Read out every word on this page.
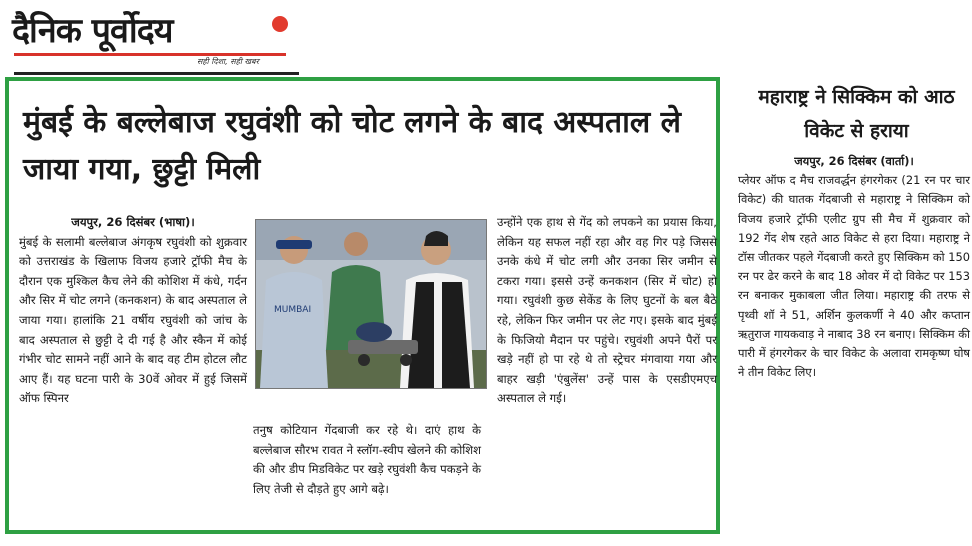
दैनिक पूर्वोदय
सही दिशा, सही खबर
मुंबई के बल्लेबाज रघुवंशी को चोट लगने के बाद अस्पताल ले जाया गया, छुट्टी मिली

जयपुर, 26 दिसंबर (भाषा)।
मुंबई के सलामी बल्लेबाज अंगकृष रघुवंशी को शुक्रवार को उत्तराखंड के खिलाफ विजय हजारे ट्रॉफी मैच के दौरान एक मुश्किल कैच लेने की कोशिश में कंधे, गर्दन और सिर में चोट लगने (कनकशन) के बाद अस्पताल ले जाया गया। हालांकि 21 वर्षीय रघुवंशी को जांच के बाद अस्पताल से छुट्टी दे दी गई है और स्कैन में कोई गंभीर चोट सामने नहीं आने के बाद वह टीम होटल लौट आए हैं। यह घटना पारी के 30वें ओवर में हुई जिसमें ऑफ स्पिनर

MUMBAI

तनुष कोटियान गेंदबाजी कर रहे थे। दाएं हाथ के बल्लेबाज सौरभ रावत ने स्लॉग-स्वीप खेलने की कोशिश की और डीप मिडविकेट पर खड़े रघुवंशी कैच पकड़ने के लिए तेजी से दौड़ते हुए आगे बढ़े।

उन्होंने एक हाथ से गेंद को लपकने का प्रयास किया, लेकिन यह सफल नहीं रहा और वह गिर पड़े जिससे उनके कंधे में चोट लगी और उनका सिर जमीन से टकरा गया। इससे उन्हें कनकशन (सिर में चोट) हो गया। रघुवंशी कुछ सेकेंड के लिए घुटनों के बल बैठे रहे, लेकिन फिर जमीन पर लेट गए। इसके बाद मुंबई के फिजियो मैदान पर पहुंचे। रघुवंशी अपने पैरों पर खड़े नहीं हो पा रहे थे तो स्ट्रेचर मंगवाया गया और बाहर खड़ी 'एंबुलेंस' उन्हें पास के एसडीएमएच अस्पताल ले गई।

महाराष्ट्र ने सिक्किम को आठ विकेट से हराया

जयपुर, 26 दिसंबर (वार्ता)।
प्लेयर ऑफ द मैच राजवर्द्धन हंगरगेकर (21 रन पर चार विकेट) की घातक गेंदबाजी से महाराष्ट्र ने सिक्किम को विजय हजारे ट्रॉफी एलीट ग्रुप सी मैच में शुक्रवार को 192 गेंद शेष रहते आठ विकेट से हरा दिया। महाराष्ट्र ने टॉस जीतकर पहले गेंदबाजी करते हुए सिक्किम को 150 रन पर ढेर करने के बाद 18 ओवर में दो विकेट पर 153 रन बनाकर मुकाबला जीत लिया। महाराष्ट्र की तरफ से पृथ्वी शॉ ने 51, अर्शिन कुलकर्णी ने 40 और कप्तान ऋतुराज गायकवाड़ ने नाबाद 38 रन बनाए। सिक्किम की पारी में हंगरगेकर के चार विकेट के अलावा रामकृष्ण घोष ने तीन विकेट लिए।
